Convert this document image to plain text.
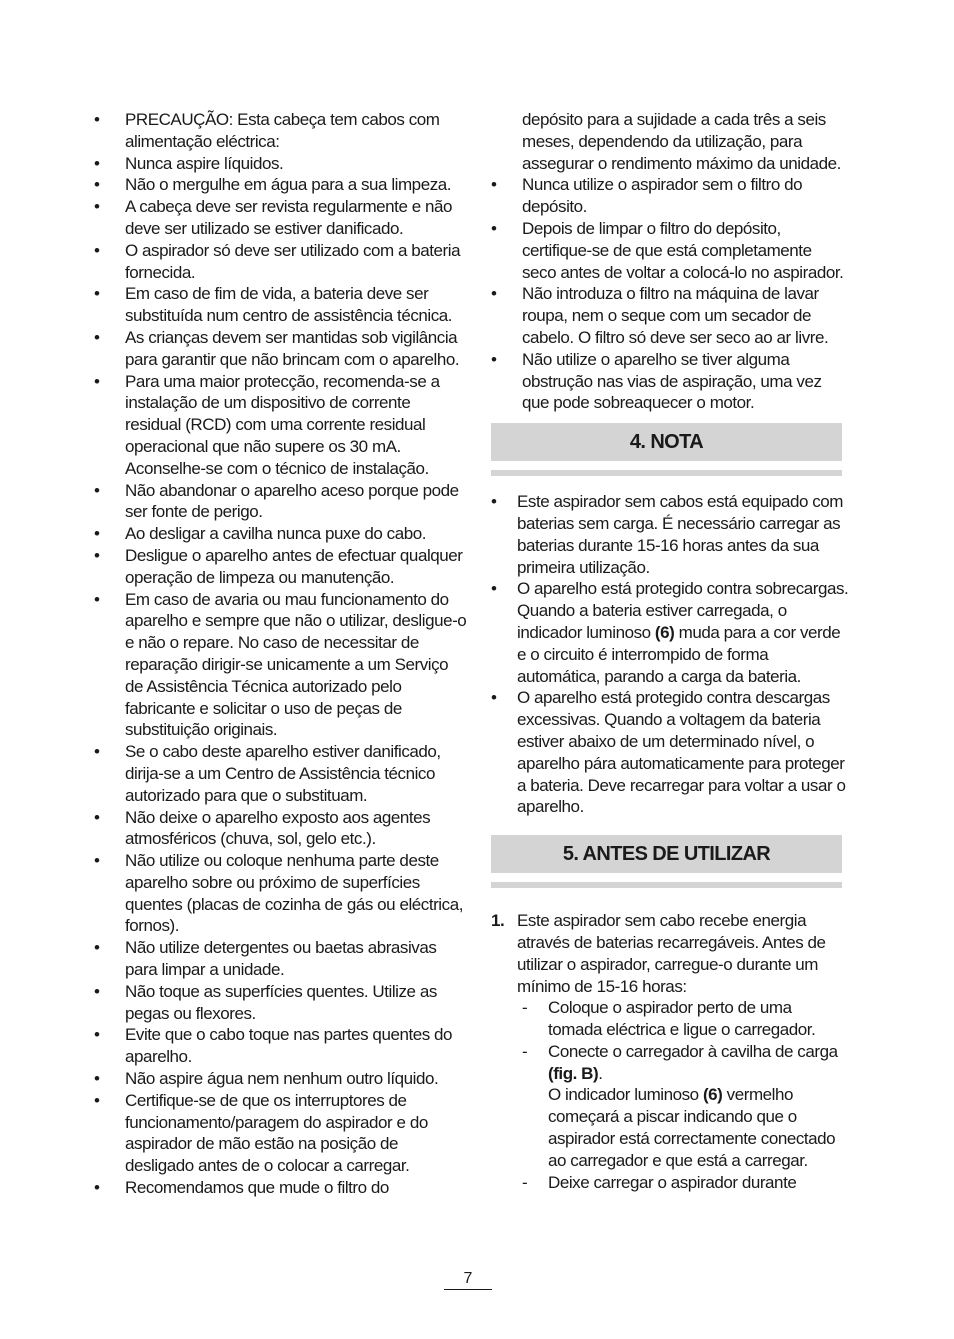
•	PRECAUÇÃO: Esta cabeça tem cabos com alimentação eléctrica:
•	Nunca aspire líquidos.
•	Não o mergulhe em água para a sua limpeza.
•	A cabeça deve ser revista regularmente e não deve ser utilizado se estiver danificado.
•	O aspirador só deve ser utilizado com a bateria fornecida.
•	Em caso de fim de vida, a bateria deve ser substituída num centro de assistência técnica.
•	As crianças devem ser mantidas sob vigilância para garantir que não brincam com o aparelho.
•	Para uma maior protecção, recomenda-se a instalação de um dispositivo de corrente residual (RCD) com uma corrente residual operacional que não supere os 30 mA. Aconselhe-se com o técnico de instalação.
•	Não abandonar o aparelho aceso porque pode ser fonte de perigo.
•	Ao desligar a cavilha nunca puxe do cabo.
•	Desligue o aparelho antes de efectuar qualquer operação de limpeza ou manutenção.
•	Em caso de avaria ou mau funcionamento do aparelho e sempre que não o utilizar, desligue-o e não o repare. No caso de necessitar de reparação dirigir-se unicamente a um Serviço de Assistência Técnica autorizado pelo fabricante e solicitar o uso de peças de substituição originais.
•	Se o cabo deste aparelho estiver danificado, dirija-se a um Centro de Assistência técnico autorizado para que o substituam.
•	Não deixe o aparelho exposto aos agentes atmosféricos (chuva, sol, gelo etc.).
•	Não utilize ou coloque nenhuma parte deste aparelho sobre ou próximo de superfícies quentes (placas de cozinha de gás ou eléctrica, fornos).
•	Não utilize detergentes ou baetas abrasivas para limpar a unidade.
•	Não toque as superfícies quentes. Utilize as pegas ou flexores.
•	Evite que o cabo toque nas partes quentes do aparelho.
•	Não aspire água nem nenhum outro líquido.
•	Certifique-se de que os interruptores de funcionamento/paragem do aspirador e do aspirador de mão estão na posição de desligado antes de o colocar a carregar.
•	Recomendamos que mude o filtro do
depósito para a sujidade a cada três a seis meses, dependendo da utilização, para assegurar o rendimento máximo da unidade.
•	Nunca utilize o aspirador sem o filtro do depósito.
•	Depois de limpar o filtro do depósito, certifique-se de que está completamente seco antes de voltar a colocá-lo no aspirador.
•	Não introduza o filtro na máquina de lavar roupa, nem o seque com um secador de cabelo. O filtro só deve ser seco ao ar livre.
•	Não utilize o aparelho se tiver alguma obstrução nas vias de aspiração, uma vez que pode sobreaquecer o motor.
4. NOTA
•	Este aspirador sem cabos está equipado com baterias sem carga. É necessário carregar as baterias durante 15-16 horas antes da sua primeira utilização.
•	O aparelho está protegido contra sobrecargas. Quando a bateria estiver carregada, o indicador luminoso (6) muda para a cor verde e o circuito é interrompido de forma automática, parando a carga da bateria.
•	O aparelho está protegido contra descargas excessivas. Quando a voltagem da bateria estiver abaixo de um determinado nível, o aparelho pára automaticamente para proteger a bateria. Deve recarregar para voltar a usar o aparelho.
5. ANTES DE UTILIZAR
1. Este aspirador sem cabo recebe energia através de baterias recarregáveis. Antes de utilizar o aspirador, carregue-o durante um mínimo de 15-16 horas:
- Coloque o aspirador perto de uma tomada eléctrica e ligue o carregador.
- Conecte o carregador à cavilha de carga (fig. B).
O indicador luminoso (6) vermelho começará a piscar indicando que o aspirador está correctamente conectado ao carregador e que está a carregar.
- Deixe carregar o aspirador durante
7
